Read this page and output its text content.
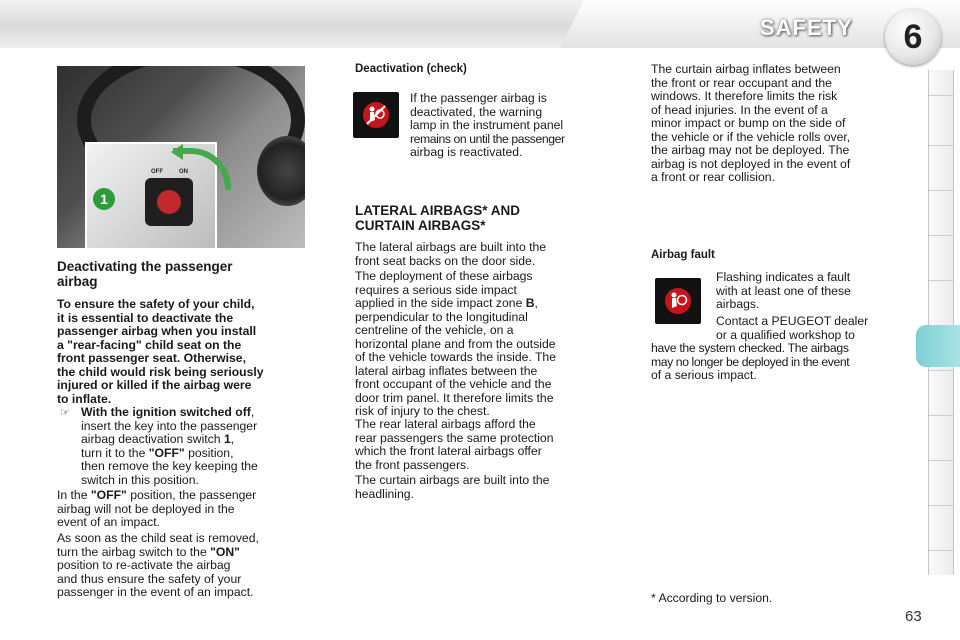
SAFETY	6
OFF	ON
1
Deactivating the passenger
airbag
To ensure the safety of your child,
it is essential to deactivate the
passenger airbag when you install
a "rear-facing" child seat on the
front passenger seat. Otherwise,
the child would risk being seriously
injured or killed if the airbag were
to inflate.
☞ With the ignition switched off,
insert the key into the passenger
airbag deactivation switch 1,
turn it to the "OFF" position,
then remove the key keeping the
switch in this position.
In the "OFF" position, the passenger
airbag will not be deployed in the
event of an impact.
As soon as the child seat is removed,
turn the airbag switch to the "ON"
position to re-activate the airbag
and thus ensure the safety of your
passenger in the event of an impact.
Deactivation (check)
If the passenger airbag is
deactivated, the warning
lamp in the instrument panel
remains on until the passenger
airbag is reactivated.
LATERAL AIRBAGS* AND
CURTAIN AIRBAGS*
The lateral airbags are built into the
front seat backs on the door side.
The deployment of these airbags
requires a serious side impact
applied in the side impact zone B,
perpendicular to the longitudinal
centreline of the vehicle, on a
horizontal plane and from the outside
of the vehicle towards the inside. The
lateral airbag inflates between the
front occupant of the vehicle and the
door trim panel. It therefore limits the
risk of injury to the chest.
The rear lateral airbags afford the
rear passengers the same protection
which the front lateral airbags offer
the front passengers.
The curtain airbags are built into the
headlining.
The curtain airbag inflates between
the front or rear occupant and the
windows. It therefore limits the risk
of head injuries. In the event of a
minor impact or bump on the side of
the vehicle or if the vehicle rolls over,
the airbag may not be deployed. The
airbag is not deployed in the event of
a front or rear collision.
Airbag fault
Flashing indicates a fault
with at least one of these
airbags.
Contact a PEUGEOT dealer
or a qualified workshop to
have the system checked. The airbags
may no longer be deployed in the event
of a serious impact.
* According to version.
63
